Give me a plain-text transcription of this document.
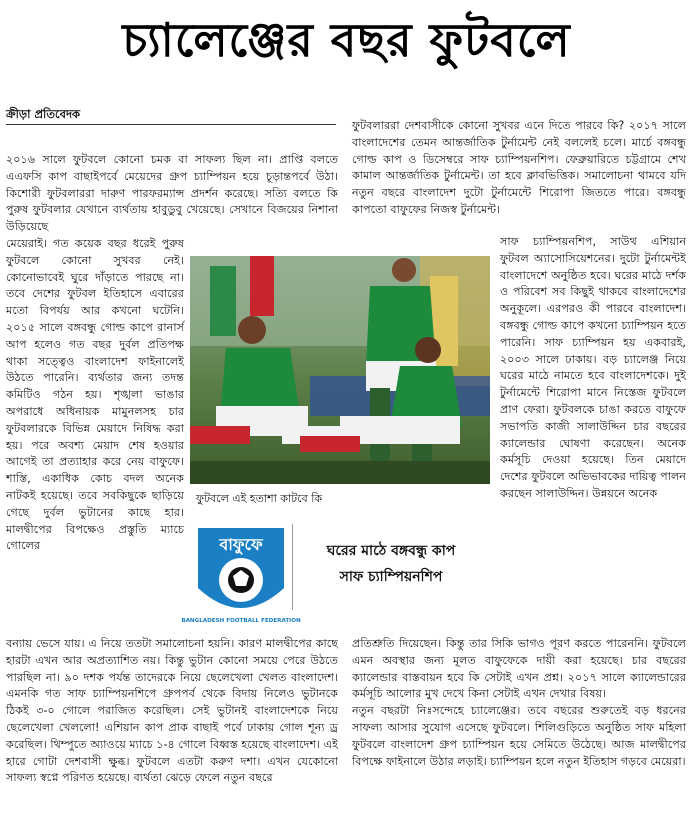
চ্যালেঞ্জের বছর ফুটবলে
ক্রীড়া প্রতিবেদক

২০১৬ সালে ফুটবলে কোনো চমক বা সাফল্য ছিল না। প্রাপ্তি বলতে এএফসি কাপ বাছাইপর্বে মেয়েদের গ্রুপ চ্যাম্পিয়ন হয়ে চূড়ান্তপর্বে উঠা। কিশোরী ফুটবলাররা দারুণ পারফরম্যান্স প্রদর্শন করেছে। সত্যি বলতে কি পুরুষ ফুটবলার যেখানে ব্যর্থতায় হাবুডুবু খেয়েছে। সেখানে বিজয়ের নিশানা উড়িয়েছে

মেয়েরাই। গত কয়েক বছর ধরেই পুরুষ ফুটবলে কোনো সুখবর নেই। কোনোভাবেই ঘুরে দাঁড়াতে পারছে না। তবে দেশের ফুটবল ইতিহাসে এবারের মতো বিপর্যয় আর কখনো ঘটেনি। ২০১৫ সালে বঙ্গবন্ধু গোল্ড কাপে রানার্স আপ হলেও গত বছর দুর্বল প্রতিপক্ষ থাকা সত্ত্বেও বাংলাদেশ ফাইনালেই উঠতে পারেনি। ব্যর্থতার জন্য তদন্ত কমিটিও গঠন হয়। শৃঙ্খলা ভাঙার অপরাধে অধিনায়ক মামুনলসহ চার ফুটবলারকে বিভিন্ন মেয়াদে নিষিদ্ধ করা হয়। পরে অবশ্য মেয়াদ শেষ হওয়ার আগেই তা প্রত্যাহার করে নেয় বাফুফে। শাস্তি, একাধিক কোচ বদল অনেক নাটকই হয়েছে। তবে সবকিছুকে ছাড়িয়ে গেছে দুর্বল ভুটানের কাছে হার। মালদ্বীপের বিপক্ষেও প্রস্তুতি ম্যাচে গোলের

বন্যায় ভেসে যায়। এ নিয়ে ততটা সমালোচনা হয়নি। কারণ মালদ্বীপের কাছে হারটা এখন আর অপ্রত্যাশিত নয়। কিন্তু ভুটান কোনো সময়ে পেরে উঠতে পারছিল না। ৯০ দশক পর্যন্ত তাদেরকে নিয়ে ছেলেখেলা খেলত বাংলাদেশ। এমনকি গত সাফ চ্যাম্পিয়নশিপে গ্রুপপর্ব থেকে বিদায় নিলেও ভুটানকে ঠিকই ৩-০ গোলে পরাজিত করেছিল। সেই ভুটানই বাংলাদেশকে নিয়ে ছেলেখেলা খেললো! এশিয়ান কাপ প্রাক বাছাই পর্বে ঢাকায় গোল শূন্য ড্র করেছিল। থিম্পুতে অ্যাওয়ে ম্যাচে ১-৪ গোলে বিধ্বস্ত হয়েছে বাংলাদেশ। এই হারে গোটা দেশবাসী ক্ষুব্ধ। ফুটবলে এতটা করুণ দশা। এখন যেকোনো সাফল্য স্বপ্নে পরিণত হয়েছে। ব্যর্থতা ঝেড়ে ফেলে নতুন বছরে

ফুটবলাররা দেশবাসীকে কোনো সুখবর এনে দিতে পারবে কি? ২০১৭ সালে বাংলাদেশের তেমন আন্তর্জাতিক টুর্নামেন্ট নেই বললেই চলে। মার্চে বঙ্গবন্ধু গোল্ড কাপ ও ডিসেম্বরে সাফ চ্যাম্পিয়নশিপ। ফেব্রুয়ারিতে চট্টগ্রামে শেখ কামাল আন্তর্জাতিক টুর্নামেন্ট। তা হবে ক্লাবভিত্তিক। সমালোচনা থামবে যদি নতুন বছরে বাংলাদেশ দুটো টুর্নামেন্টে শিরোপা জিততে পারে। বঙ্গবন্ধু কাপতো বাফুফের নিজস্ব টুর্নামেন্ট।

সাফ চ্যাম্পিয়নশিপ, সাউথ এশিয়ান ফুটবল অ্যাসোসিয়েশনের। দুটো টুর্নামেন্টই বাংলাদেশে অনুষ্ঠিত হবে। ঘরের মাঠে দর্শক ও পরিবেশ সব কিছুই থাকবে বাংলাদেশের অনুকূলে। এরপরও কী পারবে বাংলাদেশ। বঙ্গবন্ধু গোল্ড কাপে কখনো চ্যাম্পিয়ন হতে পারেনি। সাফ চ্যাম্পিয়ন হয় একবারই, ২০০৩ সালে ঢাকায়। বড় চ্যালেঞ্জ নিয়ে ঘরের মাঠে নামতে হবে বাংলাদেশকে। দুই টুর্নামেন্টে শিরোপা মানে নিস্তেজ ফুটবলে প্রাণ ফেরা। ফুটবলকে চাঙা করতে বাফুফে সভাপতি কাজী সালাউদ্দিন চার বছরের ক্যালেন্ডার ঘোষণা করেছেন। অনেক কর্মসূচি দেওয়া হয়েছে। তিন মেয়াদে দেশের ফুটবলে অভিভাবকের দায়িত্ব পালন করছেন সালাউদ্দিন। উন্নয়নে অনেক

প্রতিশ্রুতি দিয়েছেন। কিন্তু তার সিকি ভাগও পূরণ করতে পারেননি। ফুটবলে এমন অবস্থার জন্য মূলত বাফুফেকে দায়ী করা হয়েছে। চার বছরের ক্যালেন্ডার বাস্তবায়ন হবে কি সেটাই এখন প্রশ্ন। ২০১৭ সালে ক্যালেন্ডারের কর্মসূচি আলোর মুখ দেখে কিনা সেটাই এখন দেখার বিষয়।

নতুন বছরটা নিঃসন্দেহে চ্যালেঞ্জের। তবে বছরের শুরুতেই বড় ধরনের সাফল্য আসার সুযোগ এসেছে ফুটবলে। শিলিগুড়িতে অনুষ্ঠিত সাফ মহিলা ফুটবলে বাংলাদেশ গ্রুপ চ্যাম্পিয়ন হয়ে সেমিতে উঠেছে। আজ মালদ্বীপের বিপক্ষে ফাইনালে উঠার লড়াই। চ্যাম্পিয়ন হলে নতুন ইতিহাস গড়বে মেয়েরা।

ফুটবলে এই হতাশা কাটবে কি
বাফুফে
BANGLADESH FOOTBALL FEDERATION
ঘরের মাঠে বঙ্গবন্ধু কাপ
সাফ চ্যাম্পিয়নশিপ
